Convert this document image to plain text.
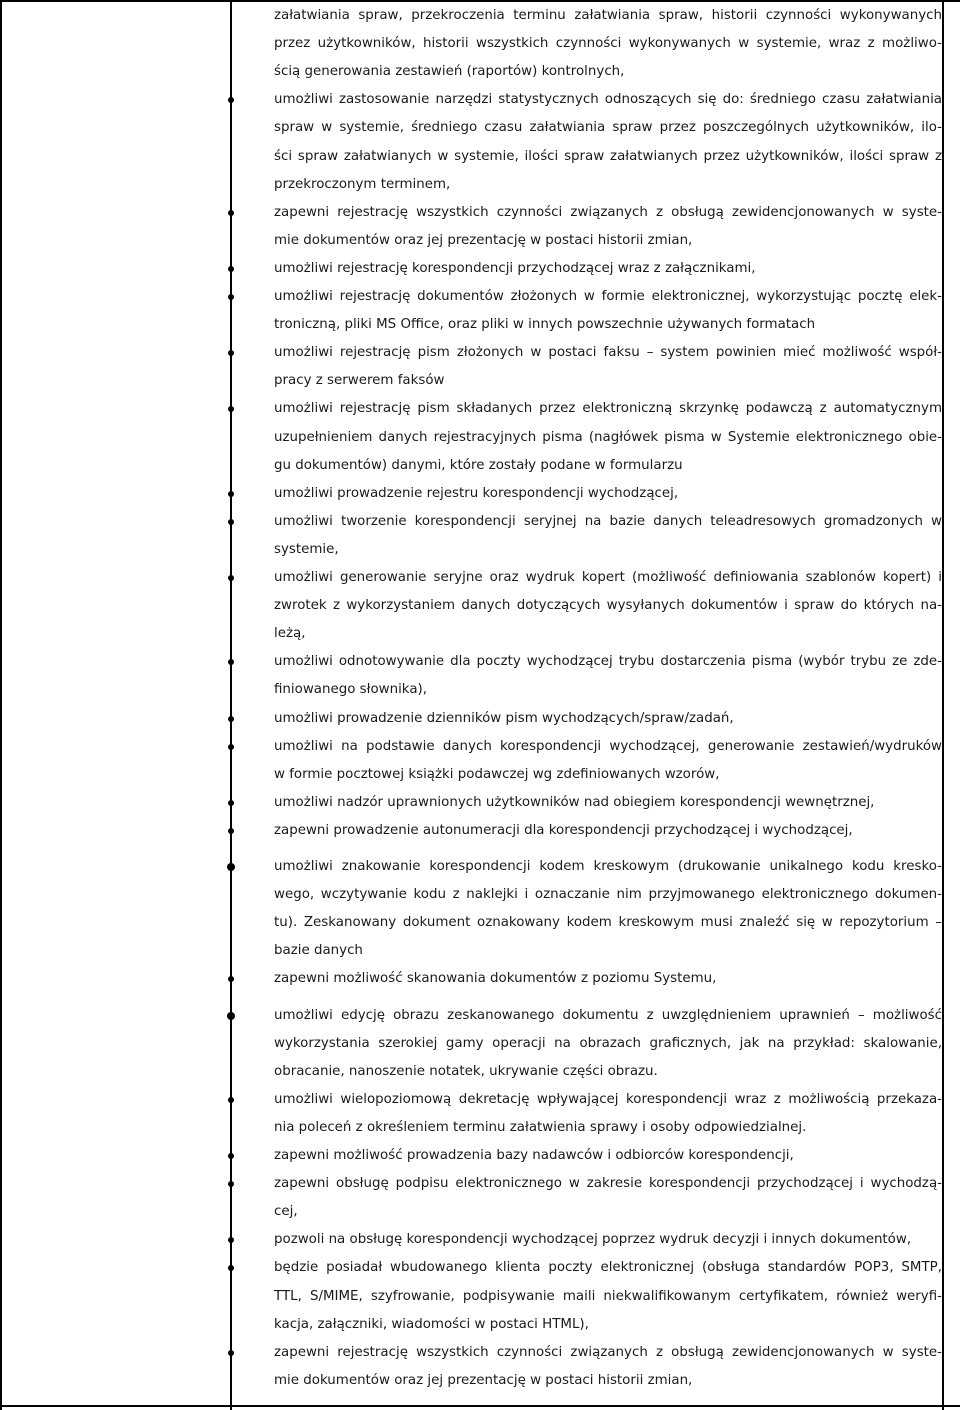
załatwiania spraw, przekroczenia terminu załatwiania spraw, historii czynności wykonywanych
przez użytkowników, historii wszystkich czynności wykonywanych w systemie, wraz z możliwo-
ścią generowania zestawień (raportów) kontrolnych,
umożliwi zastosowanie narzędzi statystycznych odnoszących się do: średniego czasu załatwiania
spraw w systemie, średniego czasu załatwiania spraw przez poszczególnych użytkowników, ilo-
ści spraw załatwianych w systemie, ilości spraw załatwianych przez użytkowników, ilości spraw z
przekroczonym terminem,
zapewni rejestrację wszystkich czynności związanych z obsługą zewidencjonowanych w syste-
mie dokumentów oraz jej prezentację w postaci historii zmian,
umożliwi rejestrację korespondencji przychodzącej wraz z załącznikami,
umożliwi rejestrację dokumentów złożonych w formie elektronicznej, wykorzystując pocztę elek-
troniczną, pliki MS Office, oraz pliki w innych powszechnie używanych formatach
umożliwi rejestrację pism złożonych w postaci faksu – system powinien mieć możliwość współ-
pracy z serwerem faksów
umożliwi rejestrację pism składanych przez elektroniczną skrzynkę podawczą z automatycznym
uzupełnieniem danych rejestracyjnych pisma (nagłówek pisma w Systemie elektronicznego obie-
gu dokumentów) danymi, które zostały podane w formularzu
umożliwi prowadzenie rejestru korespondencji wychodzącej,
umożliwi tworzenie korespondencji seryjnej na bazie danych teleadresowych gromadzonych w
systemie,
umożliwi generowanie seryjne oraz wydruk kopert (możliwość definiowania szablonów kopert) i
zwrotek z wykorzystaniem danych dotyczących wysyłanych dokumentów i spraw do których na-
leżą,
umożliwi odnotowywanie dla poczty wychodzącej trybu dostarczenia pisma (wybór trybu ze zde-
finiowanego słownika),
umożliwi prowadzenie dzienników pism wychodzących/spraw/zadań,
umożliwi na podstawie danych korespondencji wychodzącej, generowanie zestawień/wydruków
w formie pocztowej książki podawczej wg zdefiniowanych wzorów,
umożliwi nadzór uprawnionych użytkowników nad obiegiem korespondencji wewnętrznej,
zapewni prowadzenie autonumeracji dla korespondencji przychodzącej i wychodzącej,
umożliwi znakowanie korespondencji kodem kreskowym (drukowanie unikalnego kodu kresko-
wego, wczytywanie kodu z naklejki i oznaczanie nim przyjmowanego elektronicznego dokumen-
tu). Zeskanowany dokument oznakowany kodem kreskowym musi znaleźć się w repozytorium –
bazie danych
zapewni możliwość skanowania dokumentów z poziomu Systemu,
umożliwi edycję obrazu zeskanowanego dokumentu z uwzględnieniem uprawnień – możliwość
wykorzystania szerokiej gamy operacji na obrazach graficznych, jak na przykład: skalowanie,
obracanie, nanoszenie notatek, ukrywanie części obrazu.
umożliwi wielopoziomową dekretację wpływającej korespondencji wraz z możliwością przekaza-
nia poleceń z określeniem terminu załatwienia sprawy i osoby odpowiedzialnej.
zapewni możliwość prowadzenia bazy nadawców i odbiorców korespondencji,
zapewni obsługę podpisu elektronicznego w zakresie korespondencji przychodzącej i wychodzą-
cej,
pozwoli na obsługę korespondencji wychodzącej poprzez wydruk decyzji i innych dokumentów,
będzie posiadał wbudowanego klienta poczty elektronicznej (obsługa standardów POP3, SMTP,
TTL, S/MIME, szyfrowanie, podpisywanie maili niekwalifikowanym certyfikatem, również weryfi-
kacja, załączniki, wiadomości w postaci HTML),
zapewni rejestrację wszystkich czynności związanych z obsługą zewidencjonowanych w syste-
mie dokumentów oraz jej prezentację w postaci historii zmian,
